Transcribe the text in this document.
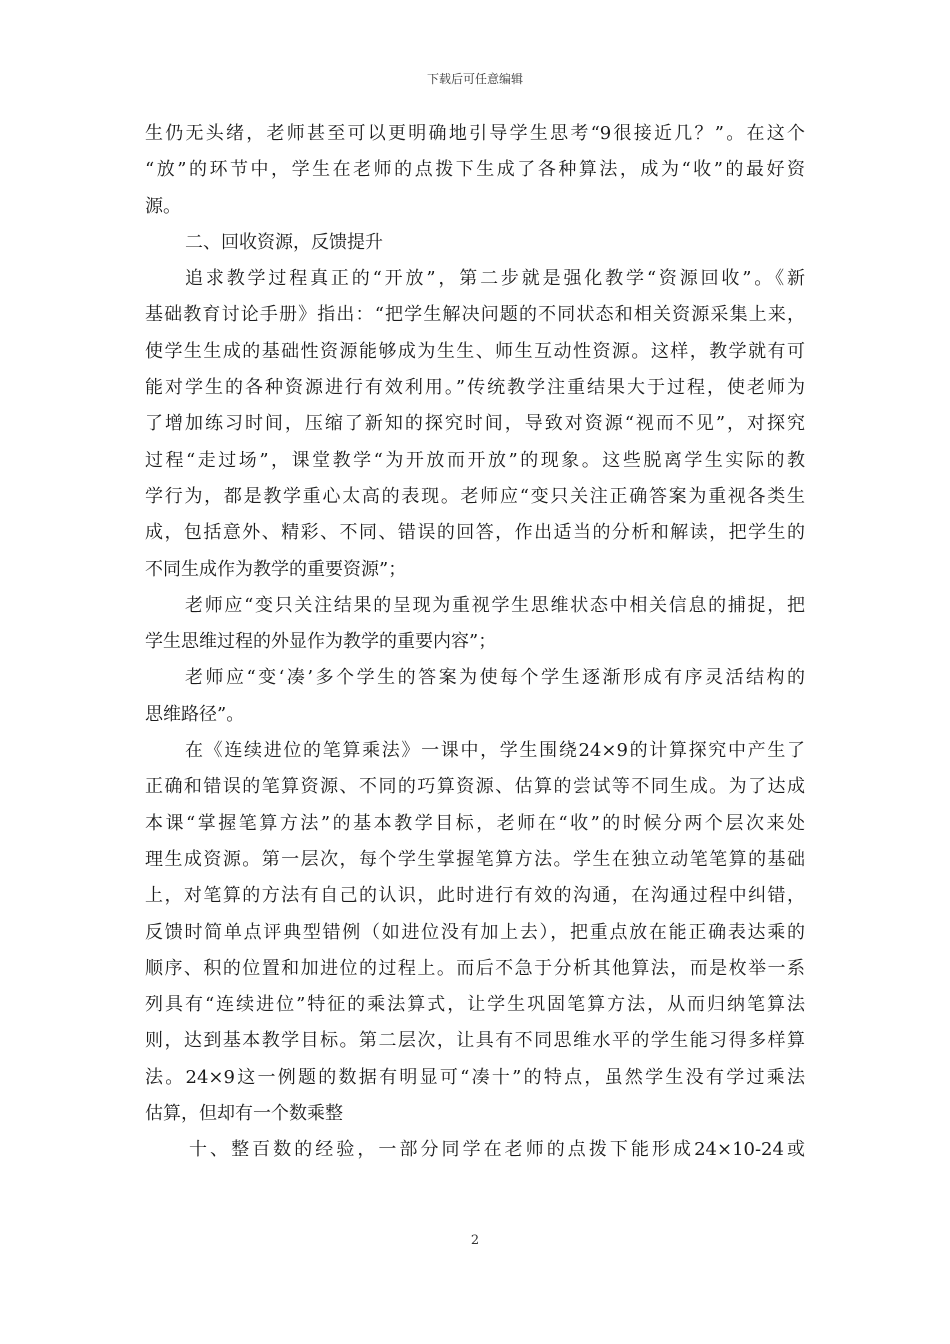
下载后可任意编辑
生仍无头绪，老师甚至可以更明确地引导学生思考“9很接近几？”。在这个
“放”的环节中，学生在老师的点拨下生成了各种算法，成为“收”的最好资
源。
二、回收资源，反馈提升
追求教学过程真正的“开放”，第二步就是强化教学“资源回收”。《新
基础教育讨论手册》指出：“把学生解决问题的不同状态和相关资源采集上来，
使学生生成的基础性资源能够成为生生、师生互动性资源。这样，教学就有可
能对学生的各种资源进行有效利用。”传统教学注重结果大于过程，使老师为
了增加练习时间，压缩了新知的探究时间，导致对资源“视而不见”，对探究
过程“走过场”，课堂教学“为开放而开放”的现象。这些脱离学生实际的教
学行为，都是教学重心太高的表现。老师应“变只关注正确答案为重视各类生
成，包括意外、精彩、不同、错误的回答，作出适当的分析和解读，把学生的
不同生成作为教学的重要资源”；
老师应“变只关注结果的呈现为重视学生思维状态中相关信息的捕捉，把
学生思维过程的外显作为教学的重要内容”；
老师应“变‘凑’多个学生的答案为使每个学生逐渐形成有序灵活结构的
思维路径”。
在《连续进位的笔算乘法》一课中，学生围绕24×9的计算探究中产生了
正确和错误的笔算资源、不同的巧算资源、估算的尝试等不同生成。为了达成
本课“掌握笔算方法”的基本教学目标，老师在“收”的时候分两个层次来处
理生成资源。第一层次，每个学生掌握笔算方法。学生在独立动笔笔算的基础
上，对笔算的方法有自己的认识，此时进行有效的沟通，在沟通过程中纠错，
反馈时简单点评典型错例（如进位没有加上去），把重点放在能正确表达乘的
顺序、积的位置和加进位的过程上。而后不急于分析其他算法，而是枚举一系
列具有“连续进位”特征的乘法算式，让学生巩固笔算方法，从而归纳笔算法
则，达到基本教学目标。第二层次，让具有不同思维水平的学生能习得多样算
法。24×9这一例题的数据有明显可“凑十”的特点，虽然学生没有学过乘法
估算，但却有一个数乘整
十、整百数的经验，一部分同学在老师的点拨下能形成24×10-24或
2
